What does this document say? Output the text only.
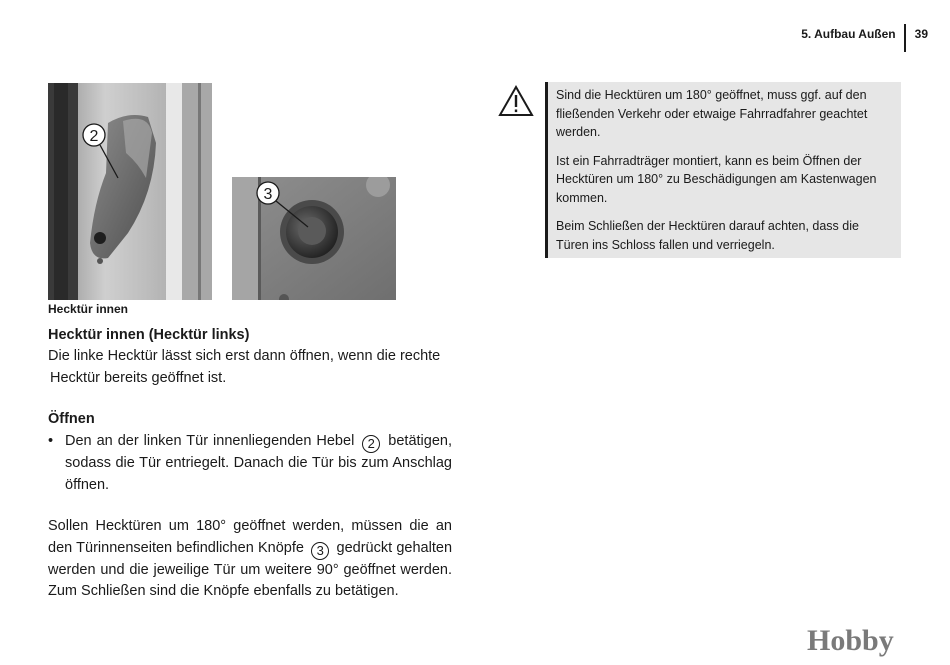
5. Aufbau Außen 39
2
3
Hecktür innen
Hecktür innen (Hecktür links)
Die linke Hecktür lässt sich erst dann öffnen, wenn die rechte
Hecktür bereits geöffnet ist.
Öffnen
• Den an der linken Tür innenliegenden Hebel 2 betätigen, sodass die Tür entriegelt. Danach die Tür bis zum Anschlag öffnen.
Sollen Hecktüren um 180° geöffnet werden, müssen die an den Türinnenseiten befindlichen Knöpfe 3 gedrückt gehalten werden und die jeweilige Tür um weitere 90° geöffnet werden. Zum Schließen sind die Knöpfe ebenfalls zu betätigen.

Sind die Hecktüren um 180° geöffnet, muss ggf. auf den fließenden Verkehr oder etwaige Fahrradfahrer geachtet werden.

Ist ein Fahrradträger montiert, kann es beim Öffnen der Hecktüren um 180° zu Beschädigungen am Kastenwagen kommen.

Beim Schließen der Hecktüren darauf achten, dass die Türen ins Schloss fallen und verriegeln.

Hobby
